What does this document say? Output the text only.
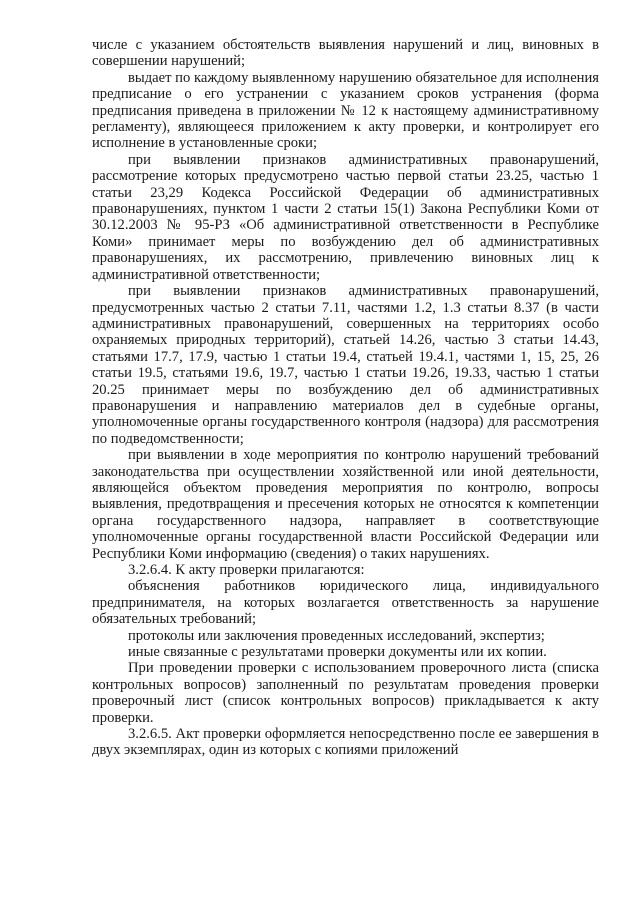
числе с указанием обстоятельств выявления нарушений и лиц, виновных в совершении нарушений;

выдает по каждому выявленному нарушению обязательное для исполнения предписание о его устранении с указанием сроков устранения (форма предписания приведена в приложении № 12 к настоящему административному регламенту), являющееся приложением к акту проверки, и контролирует его исполнение в установленные сроки;

при выявлении признаков административных правонарушений, рассмотрение которых предусмотрено частью первой статьи 23.25, частью 1 статьи 23,29 Кодекса Российской Федерации об административных правонарушениях, пунктом 1 части 2 статьи 15(1) Закона Республики Коми от 30.12.2003 № 95-РЗ «Об административной ответственности в Республике Коми» принимает меры по возбуждению дел об административных правонарушениях, их рассмотрению, привлечению виновных лиц к административной ответственности;

при выявлении признаков административных правонарушений, предусмотренных частью 2 статьи 7.11, частями 1.2, 1.3 статьи 8.37 (в части административных правонарушений, совершенных на территориях особо охраняемых природных территорий), статьей 14.26, частью 3 статьи 14.43, статьями 17.7, 17.9, частью 1 статьи 19.4, статьей 19.4.1, частями 1, 15, 25, 26 статьи 19.5, статьями 19.6, 19.7, частью 1 статьи 19.26, 19.33, частью 1 статьи 20.25 принимает меры по возбуждению дел об административных правонарушения и направлению материалов дел в судебные органы, уполномоченные органы государственного контроля (надзора) для рассмотрения по подведомственности;

при выявлении в ходе мероприятия по контролю нарушений требований законодательства при осуществлении хозяйственной или иной деятельности, являющейся объектом проведения мероприятия по контролю, вопросы выявления, предотвращения и пресечения которых не относятся к компетенции органа государственного надзора, направляет в соответствующие уполномоченные органы государственной власти Российской Федерации или Республики Коми информацию (сведения) о таких нарушениях.

3.2.6.4. К акту проверки прилагаются:

объяснения работников юридического лица, индивидуального предпринимателя, на которых возлагается ответственность за нарушение обязательных требований;

протоколы или заключения проведенных исследований, экспертиз;

иные связанные с результатами проверки документы или их копии.

При проведении проверки с использованием проверочного листа (списка контрольных вопросов) заполненный по результатам проведения проверки проверочный лист (список контрольных вопросов) прикладывается к акту проверки.

3.2.6.5. Акт проверки оформляется непосредственно после ее завершения в двух экземплярах, один из которых с копиями приложений
